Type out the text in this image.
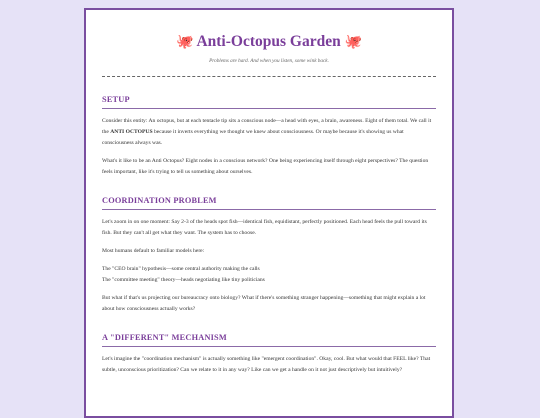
🐙 Anti-Octopus Garden 🐙
Problems are hard. And when you listen, some wink back.
SETUP

Consider this entity: An octopus, but at each tentacle tip sits a conscious node—a head with eyes, a brain, awareness. Eight of them total. We call it the ANTI OCTOPUS because it inverts everything we thought we knew about consciousness. Or maybe because it's showing us what consciousness always was.

What's it like to be an Anti Octopus? Eight nodes in a conscious network? One being experiencing itself through eight perspectives? The question feels important, like it's trying to tell us something about ourselves.

COORDINATION PROBLEM

Let's zoom in on one moment: Say 2-3 of the heads spot fish—identical fish, equidistant, perfectly positioned. Each head feels the pull toward its fish. But they can't all get what they want. The system has to choose.

Most humans default to familiar models here:

The "CEO brain" hypothesis—some central authority making the calls
The "committee meeting" theory—heads negotiating like tiny politicians

But what if that's us projecting our bureaucracy onto biology? What if there's something stranger happening—something that might explain a lot about how consciousness actually works?

A "DIFFERENT" MECHANISM

Let's imagine the "coordination mechanism" is actually something like "emergent coordination". Okay, cool. But what would that FEEL like? That subtle, unconscious prioritization? Can we relate to it in any way? Like can we get a handle on it not just descriptively but intuitively?
